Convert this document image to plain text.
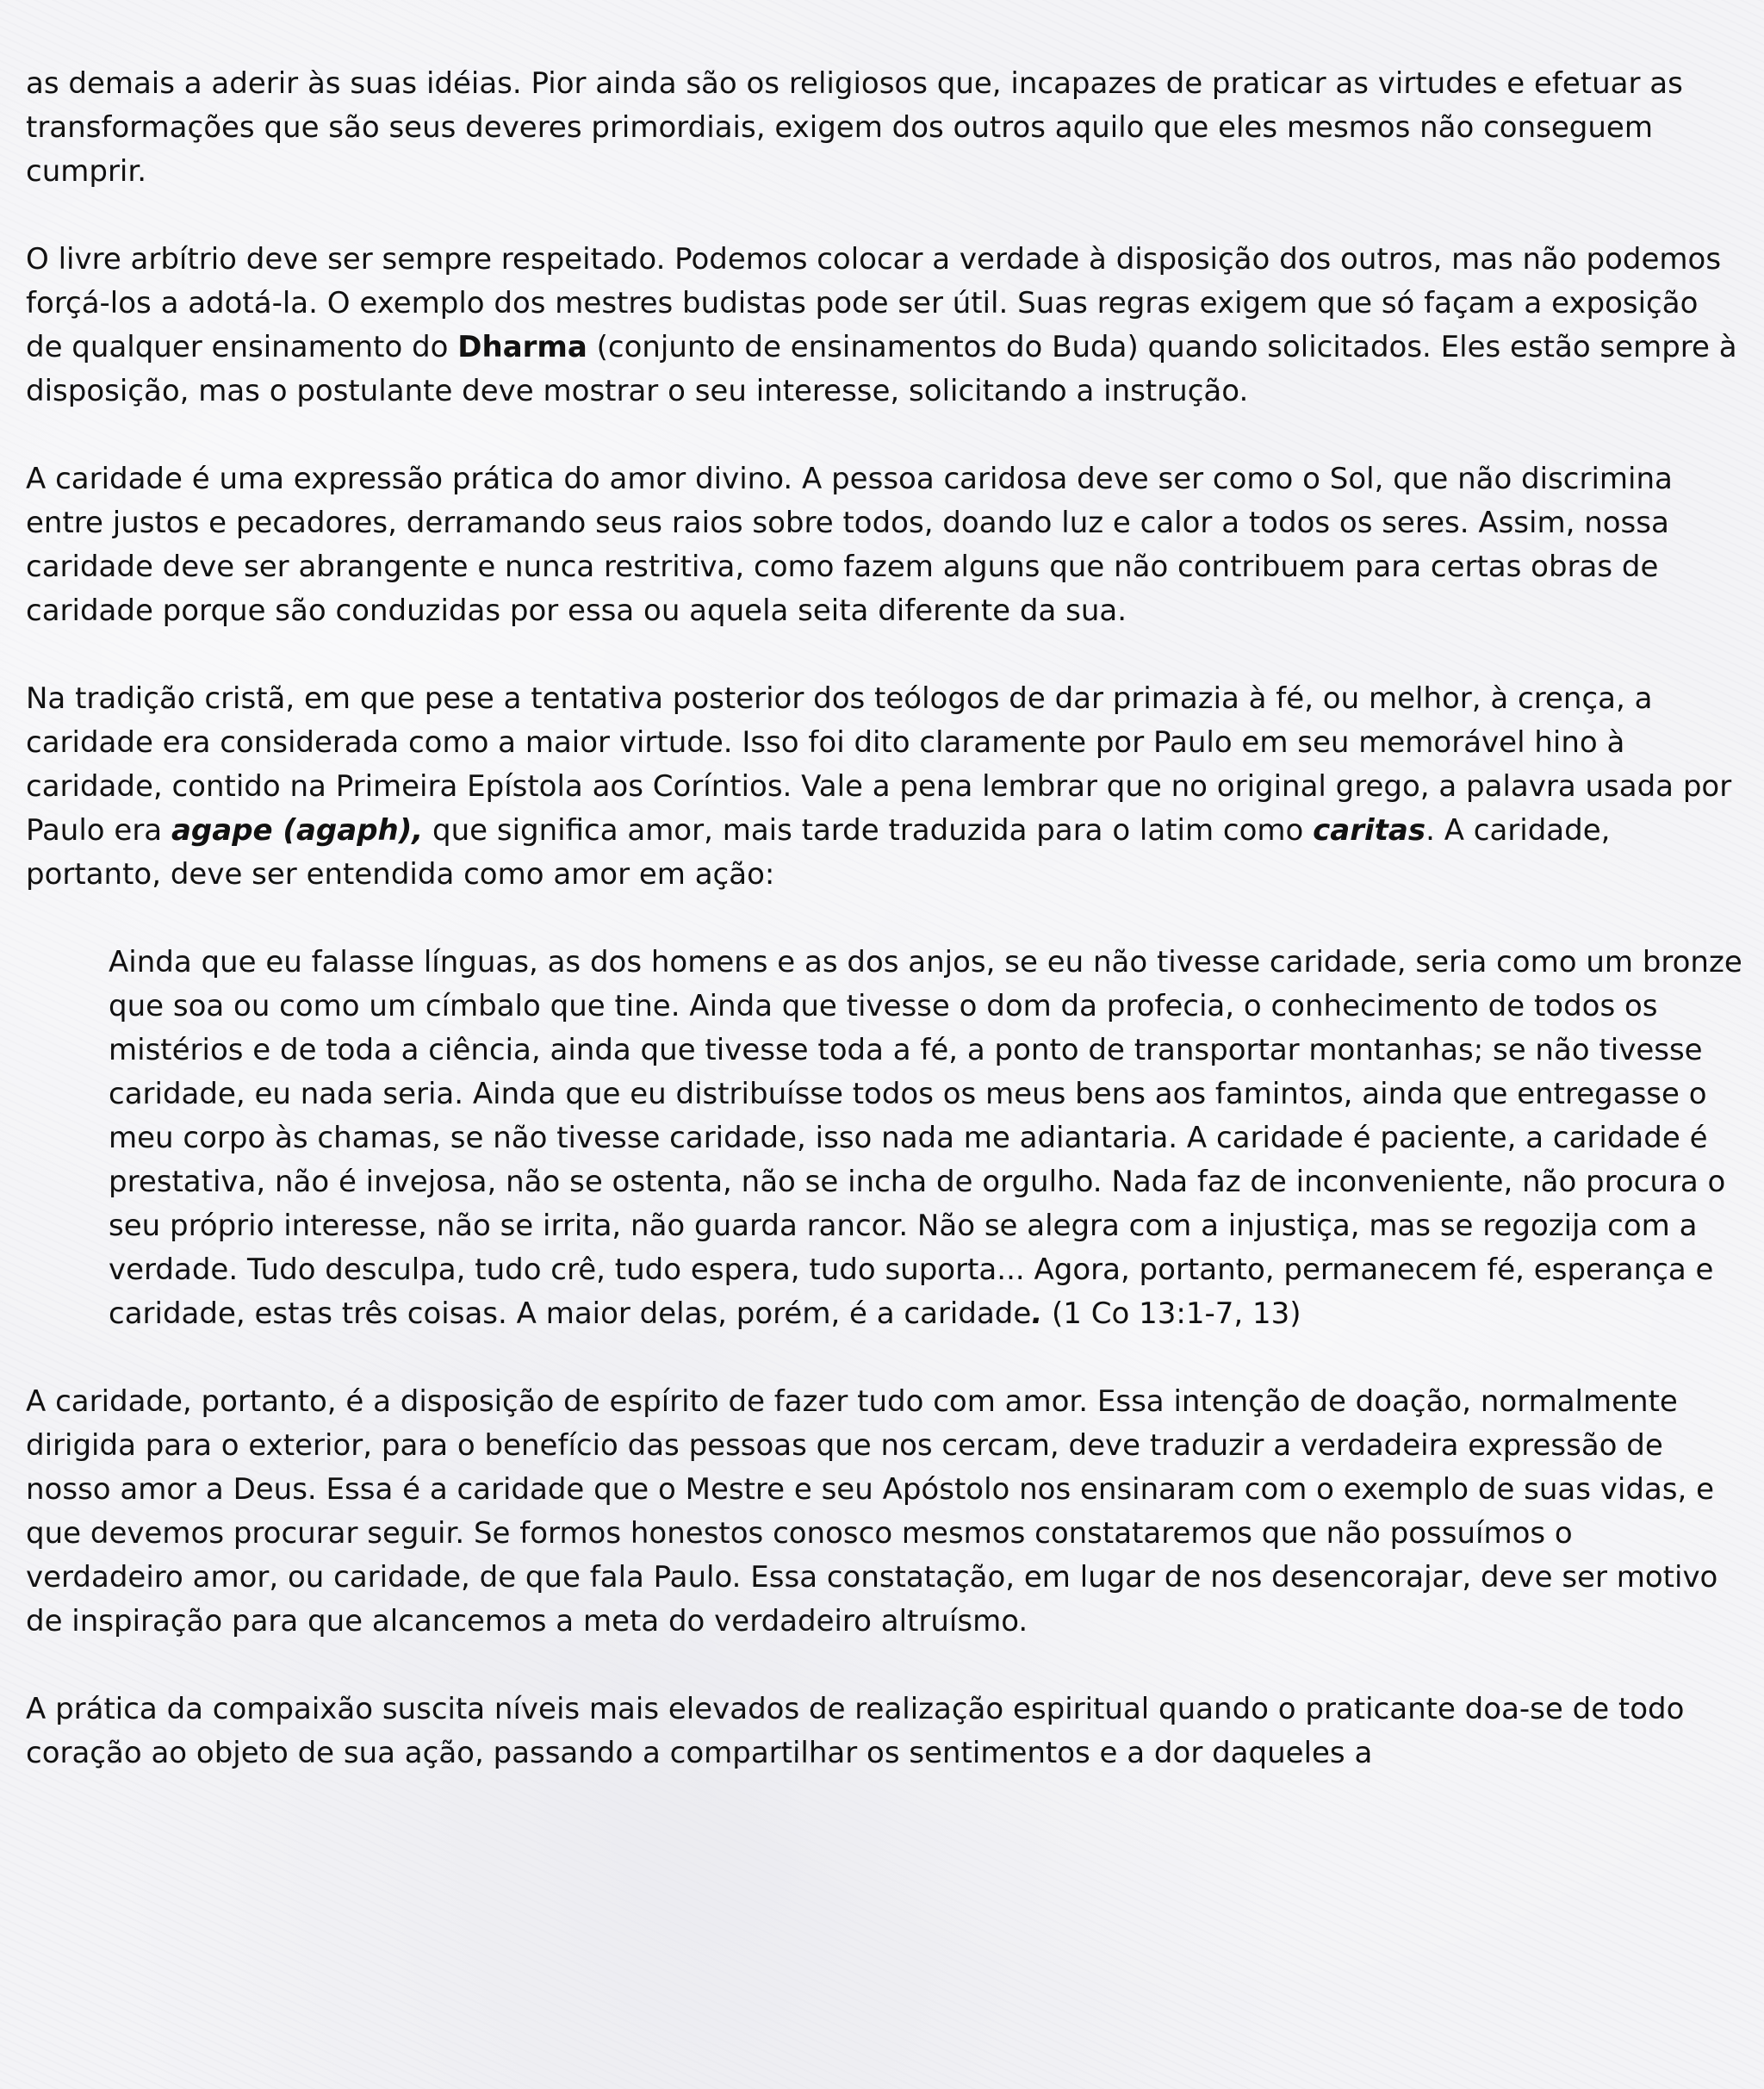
as demais a aderir às suas idéias. Pior ainda são os religiosos que, incapazes de praticar as virtudes e efetuar as transformações que são seus deveres primordiais, exigem dos outros aquilo que eles mesmos não conseguem cumprir.

O livre arbítrio deve ser sempre respeitado. Podemos colocar a verdade à disposição dos outros, mas não podemos forçá-los a adotá-la. O exemplo dos mestres budistas pode ser útil. Suas regras exigem que só façam a exposição de qualquer ensinamento do Dharma (conjunto de ensinamentos do Buda) quando solicitados. Eles estão sempre à disposição, mas o postulante deve mostrar o seu interesse, solicitando a instrução.

A caridade é uma expressão prática do amor divino. A pessoa caridosa deve ser como o Sol, que não discrimina entre justos e pecadores, derramando seus raios sobre todos, doando luz e calor a todos os seres. Assim, nossa caridade deve ser abrangente e nunca restritiva, como fazem alguns que não contribuem para certas obras de caridade porque são conduzidas por essa ou aquela seita diferente da sua.

Na tradição cristã, em que pese a tentativa posterior dos teólogos de dar primazia à fé, ou melhor, à crença, a caridade era considerada como a maior virtude. Isso foi dito claramente por Paulo em seu memorável hino à caridade, contido na Primeira Epístola aos Coríntios. Vale a pena lembrar que no original grego, a palavra usada por Paulo era agape (agaph), que significa amor, mais tarde traduzida para o latim como caritas. A caridade, portanto, deve ser entendida como amor em ação:

Ainda que eu falasse línguas, as dos homens e as dos anjos, se eu não tivesse caridade, seria como um bronze que soa ou como um címbalo que tine. Ainda que tivesse o dom da profecia, o conhecimento de todos os mistérios e de toda a ciência, ainda que tivesse toda a fé, a ponto de transportar montanhas; se não tivesse caridade, eu nada seria. Ainda que eu distribuísse todos os meus bens aos famintos, ainda que entregasse o meu corpo às chamas, se não tivesse caridade, isso nada me adiantaria. A caridade é paciente, a caridade é prestativa, não é invejosa, não se ostenta, não se incha de orgulho. Nada faz de inconveniente, não procura o seu próprio interesse, não se irrita, não guarda rancor. Não se alegra com a injustiça, mas se regozija com a verdade. Tudo desculpa, tudo crê, tudo espera, tudo suporta... Agora, portanto, permanecem fé, esperança e caridade, estas três coisas. A maior delas, porém, é a caridade. (1 Co 13:1-7, 13)

A caridade, portanto, é a disposição de espírito de fazer tudo com amor. Essa intenção de doação, normalmente dirigida para o exterior, para o benefício das pessoas que nos cercam, deve traduzir a verdadeira expressão de nosso amor a Deus. Essa é a caridade que o Mestre e seu Apóstolo nos ensinaram com o exemplo de suas vidas, e que devemos procurar seguir. Se formos honestos conosco mesmos constataremos que não possuímos o verdadeiro amor, ou caridade, de que fala Paulo. Essa constatação, em lugar de nos desencorajar, deve ser motivo de inspiração para que alcancemos a meta do verdadeiro altruísmo.

A prática da compaixão suscita níveis mais elevados de realização espiritual quando o praticante doa-se de todo coração ao objeto de sua ação, passando a compartilhar os sentimentos e a dor daqueles a
